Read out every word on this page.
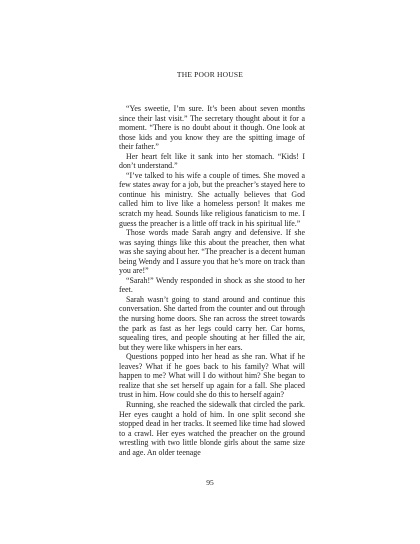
THE POOR HOUSE

“Yes sweetie, I’m sure. It’s been about seven months since their last visit.” The secretary thought about it for a moment. “There is no doubt about it though. One look at those kids and you know they are the spitting image of their father.”

Her heart felt like it sank into her stomach. “Kids! I don’t understand.”

“I’ve talked to his wife a couple of times. She moved a few states away for a job, but the preacher’s stayed here to continue his ministry. She actually believes that God called him to live like a homeless person! It makes me scratch my head. Sounds like religious fanaticism to me. I guess the preacher is a little off track in his spiritual life.”

Those words made Sarah angry and defensive. If she was saying things like this about the preacher, then what was she saying about her. “The preacher is a decent human being Wendy and I assure you that he’s more on track than you are!”

“Sarah!” Wendy responded in shock as she stood to her feet.

Sarah wasn’t going to stand around and continue this conversation. She darted from the counter and out through the nursing home doors. She ran across the street towards the park as fast as her legs could carry her. Car horns, squealing tires, and people shouting at her filled the air, but they were like whispers in her ears.

Questions popped into her head as she ran. What if he leaves? What if he goes back to his family? What will happen to me? What will I do without him? She began to realize that she set herself up again for a fall. She placed trust in him. How could she do this to herself again?

Running, she reached the sidewalk that circled the park. Her eyes caught a hold of him. In one split second she stopped dead in her tracks. It seemed like time had slowed to a crawl. Her eyes watched the preacher on the ground wrestling with two little blonde girls about the same size and age. An older teenage

95
